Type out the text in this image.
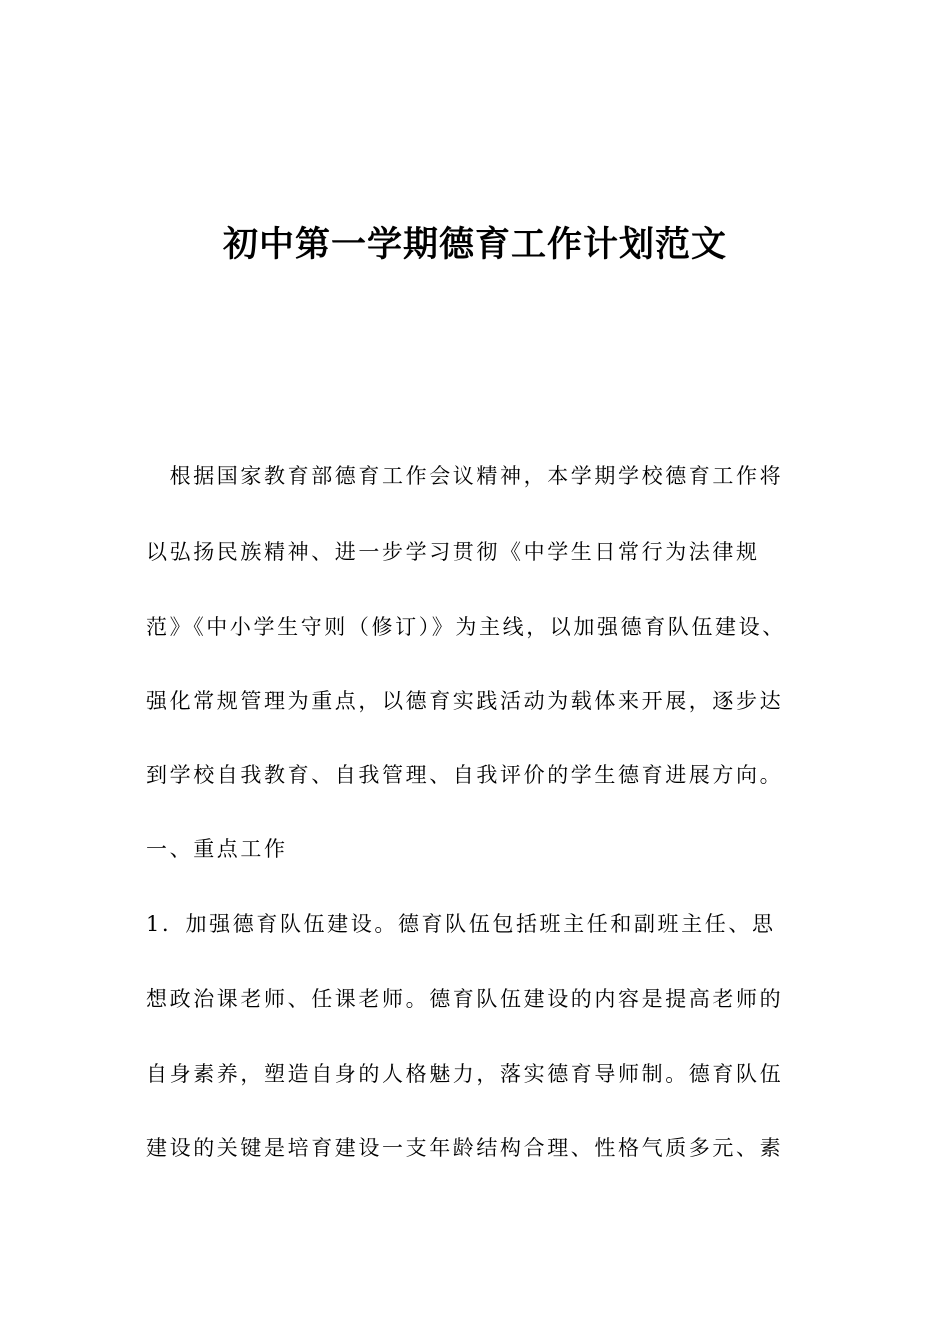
初中第一学期德育工作计划范文
　根据国家教育部德育工作会议精神，本学期学校德育工作将
以弘扬民族精神、进一步学习贯彻《中学生日常行为法律规
范》《中小学生守则（修订）》为主线，以加强德育队伍建设、
强化常规管理为重点，以德育实践活动为载体来开展，逐步达
到学校自我教育、自我管理、自我评价的学生德育进展方向。
一、重点工作
1．加强德育队伍建设。德育队伍包括班主任和副班主任、思
想政治课老师、任课老师。德育队伍建设的内容是提高老师的
自身素养，塑造自身的人格魅力，落实德育导师制。德育队伍
建设的关键是培育建设一支年龄结构合理、性格气质多元、素
